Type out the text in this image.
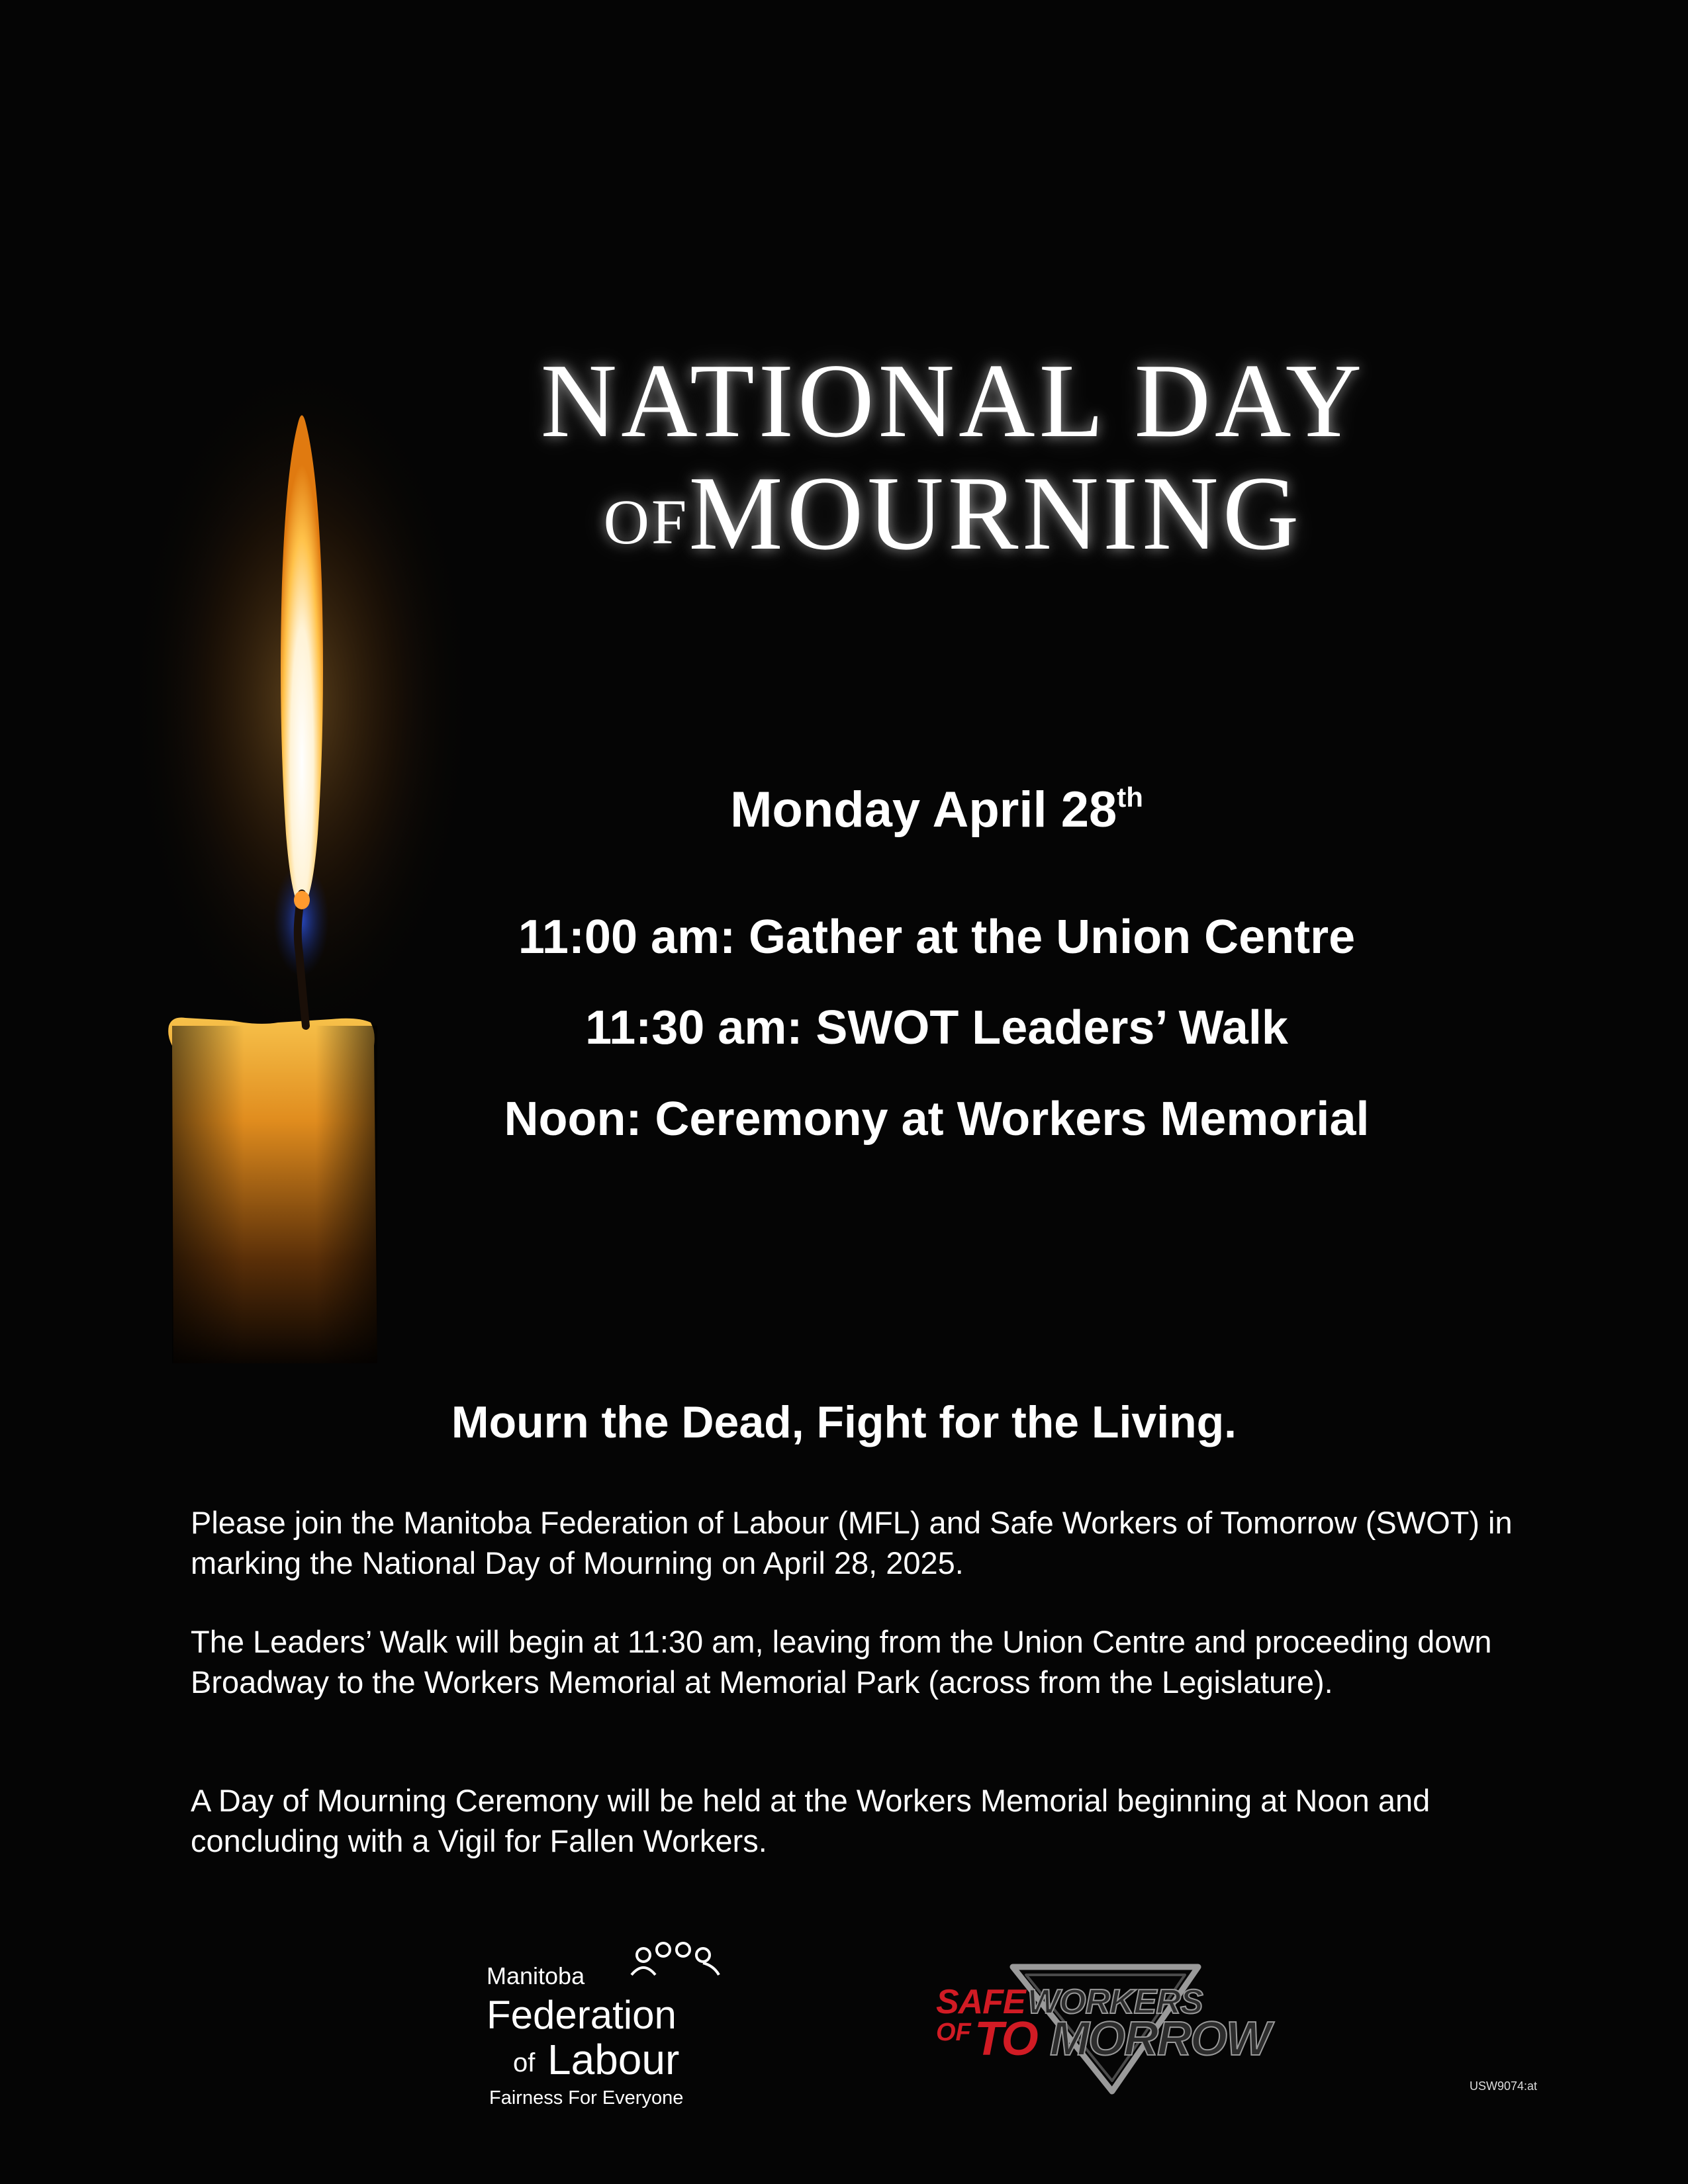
NATIONAL DAY
OFMOURNING
Monday April 28th
11:00 am: Gather at the Union Centre
11:30 am: SWOT Leaders’ Walk
Noon: Ceremony at Workers Memorial
Mourn the Dead, Fight for the Living.
Please join the Manitoba Federation of Labour (MFL) and Safe Workers of Tomorrow (SWOT) in marking the National Day of Mourning on April 28, 2025.
The Leaders’ Walk will begin at 11:30 am, leaving from the Union Centre and proceeding down Broadway to the Workers Memorial at Memorial Park (across from the Legislature).
A Day of Mourning Ceremony will be held at the Workers Memorial beginning at Noon and concluding with a Vigil for Fallen Workers.
Manitoba
Federation
of Labour
Fairness For Everyone
SAFE WORKERS
OF TO MORROW
USW9074:at
